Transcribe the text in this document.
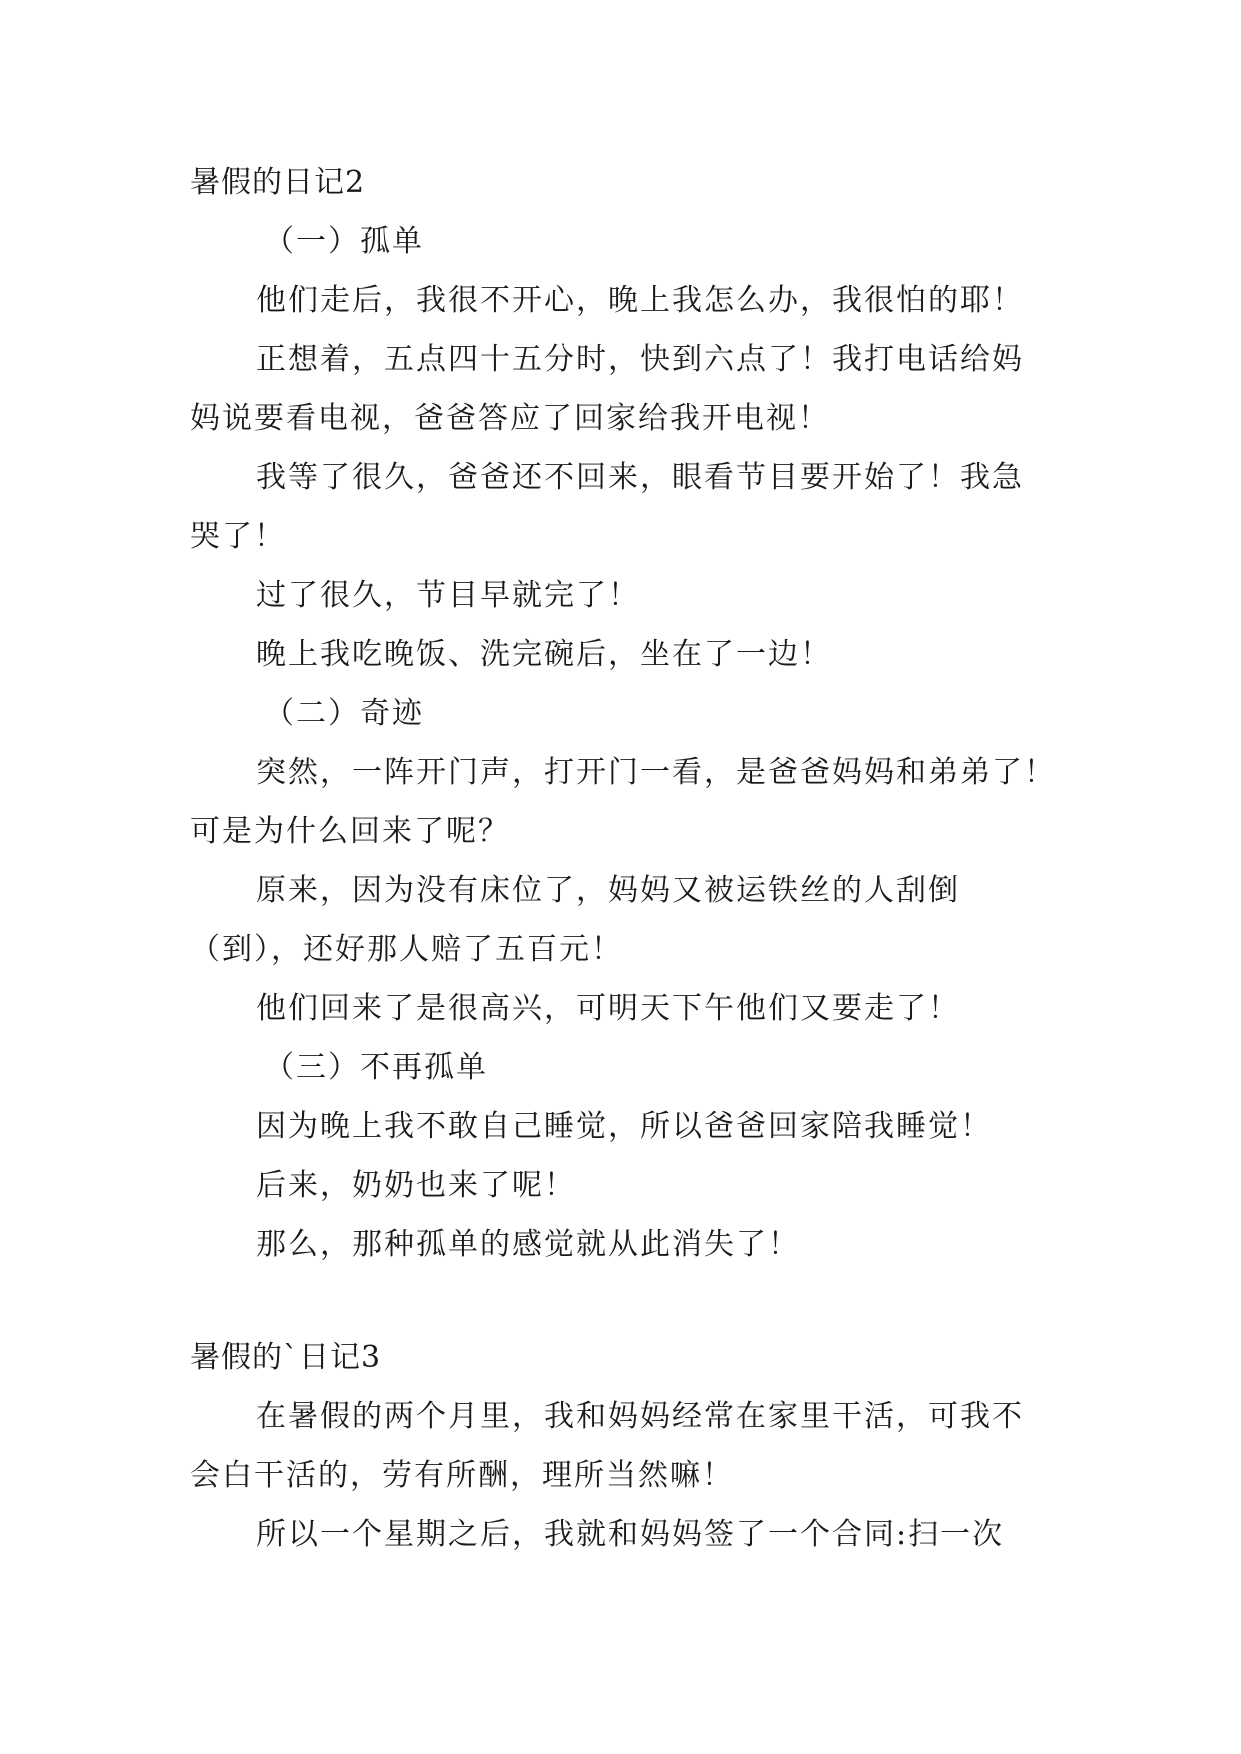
暑假的日记2

（一）孤单

他们走后，我很不开心，晚上我怎么办，我很怕的耶！

正想着，五点四十五分时，快到六点了！我打电话给妈

妈说要看电视，爸爸答应了回家给我开电视！

我等了很久，爸爸还不回来，眼看节目要开始了！我急

哭了！

过了很久，节目早就完了！

晚上我吃晚饭、洗完碗后，坐在了一边！

（二）奇迹

突然，一阵开门声，打开门一看，是爸爸妈妈和弟弟了！

可是为什么回来了呢？

原来，因为没有床位了，妈妈又被运铁丝的人刮倒

（到），还好那人赔了五百元！

他们回来了是很高兴，可明天下午他们又要走了！

（三）不再孤单

因为晚上我不敢自己睡觉，所以爸爸回家陪我睡觉！

后来，奶奶也来了呢！

那么，那种孤单的感觉就从此消失了！

暑假的`日记3

在暑假的两个月里，我和妈妈经常在家里干活，可我不

会白干活的，劳有所酬，理所当然嘛！

所以一个星期之后，我就和妈妈签了一个合同:扫一次
